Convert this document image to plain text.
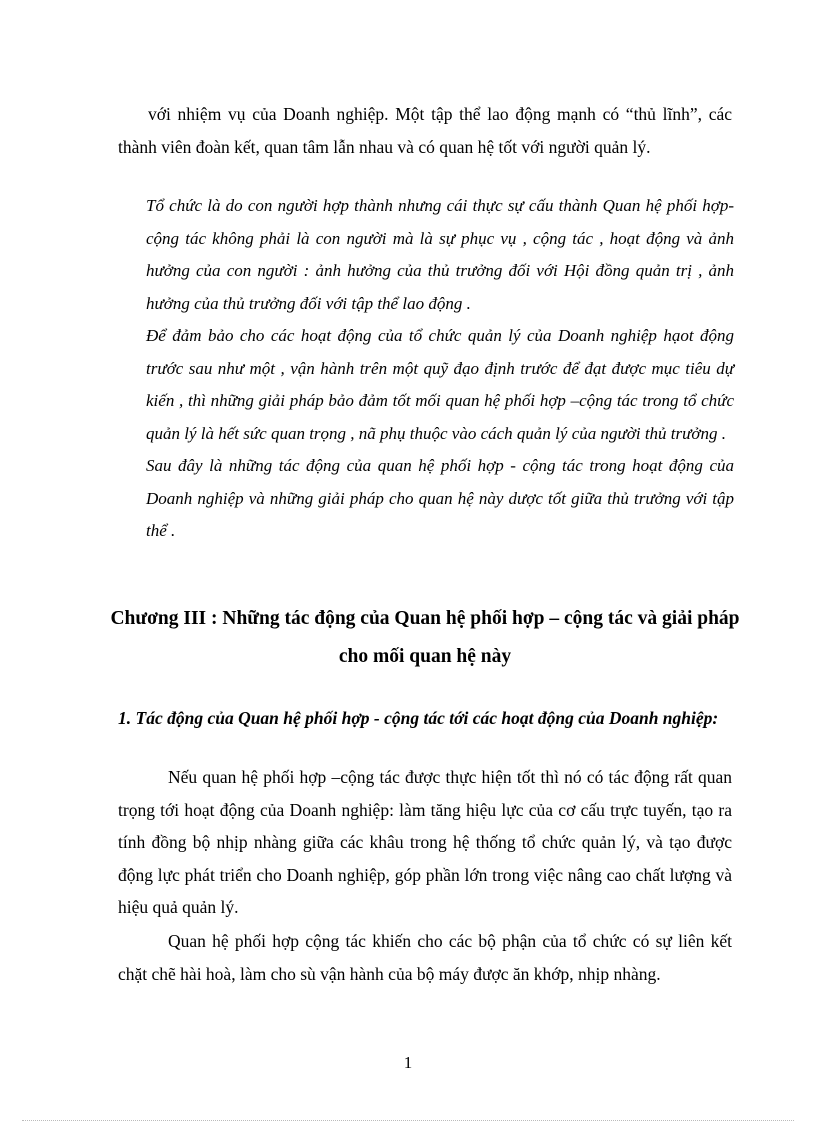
với nhiệm vụ của Doanh nghiệp. Một tập thể lao động mạnh có “thủ lĩnh”, các thành viên đoàn kết, quan tâm lẫn nhau và có quan hệ tốt với người quản lý.

Tổ chức là do con người hợp thành nhưng cái thực sự cấu thành Quan hệ phối hợp- cộng tác không phải là con người mà là sự phục vụ , cộng tác , hoạt động và ảnh hưởng của con người : ảnh hưởng của thủ trưởng đối với Hội đồng quản trị , ảnh hưởng của thủ trưởng đối với tập thể lao động .

Để đảm bảo cho các hoạt động của tổ chức quản lý của Doanh nghiệp hạot động trước sau như một , vận hành trên một quỹ đạo định trước để đạt được mục tiêu dự kiến , thì những giải pháp bảo đảm tốt mối quan hệ phối hợp –cộng tác trong tổ chức quản lý là hết sức quan trọng , nã phụ thuộc vào cách quản lý của người thủ trưởng .

Sau đây là những tác động của quan hệ phối hợp - cộng tác trong hoạt động của Doanh nghiệp và những giải pháp cho quan hệ này dược tốt giữa thủ trưởng với tập thể .

Chương III : Những tác động của Quan hệ phối hợp – cộng tác và giải pháp cho mối quan hệ này
1. Tác động của Quan hệ phối hợp - cộng tác tới các hoạt động của Doanh nghiệp:

Nếu quan hệ phối hợp –cộng tác được thực hiện tốt thì nó có tác động rất quan trọng tới hoạt động của Doanh nghiệp: làm tăng hiệu lực của cơ cấu trực tuyến, tạo ra tính đồng bộ nhịp nhàng giữa các khâu trong hệ thống tổ chức quản lý, và tạo được động lực phát triển cho Doanh nghiệp, góp phần lớn trong việc nâng cao chất lượng và hiệu quả quản lý.

Quan hệ phối hợp cộng tác khiến cho các bộ phận của tổ chức có sự liên kết chặt chẽ hài hoà, làm cho sù vận hành của bộ máy được ăn khớp, nhịp nhàng.

1
